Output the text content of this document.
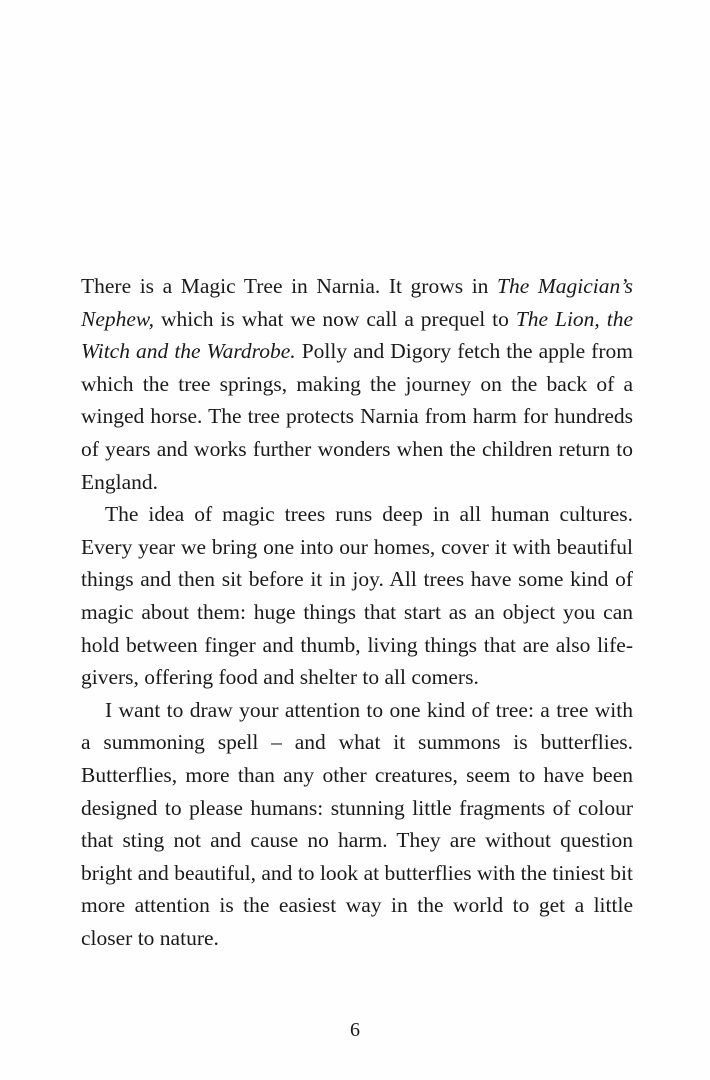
There is a Magic Tree in Narnia. It grows in The Magician’s Nephew, which is what we now call a prequel to The Lion, the Witch and the Wardrobe. Polly and Digory fetch the apple from which the tree springs, making the journey on the back of a winged horse. The tree protects Narnia from harm for hundreds of years and works further wonders when the children return to England.

The idea of magic trees runs deep in all human cultures. Every year we bring one into our homes, cover it with beautiful things and then sit before it in joy. All trees have some kind of magic about them: huge things that start as an object you can hold between finger and thumb, living things that are also life-givers, offering food and shelter to all comers.

I want to draw your attention to one kind of tree: a tree with a summoning spell – and what it summons is butterflies. Butterflies, more than any other creatures, seem to have been designed to please humans: stunning little fragments of colour that sting not and cause no harm. They are without question bright and beautiful, and to look at butterflies with the tiniest bit more attention is the easiest way in the world to get a little closer to nature.

6
